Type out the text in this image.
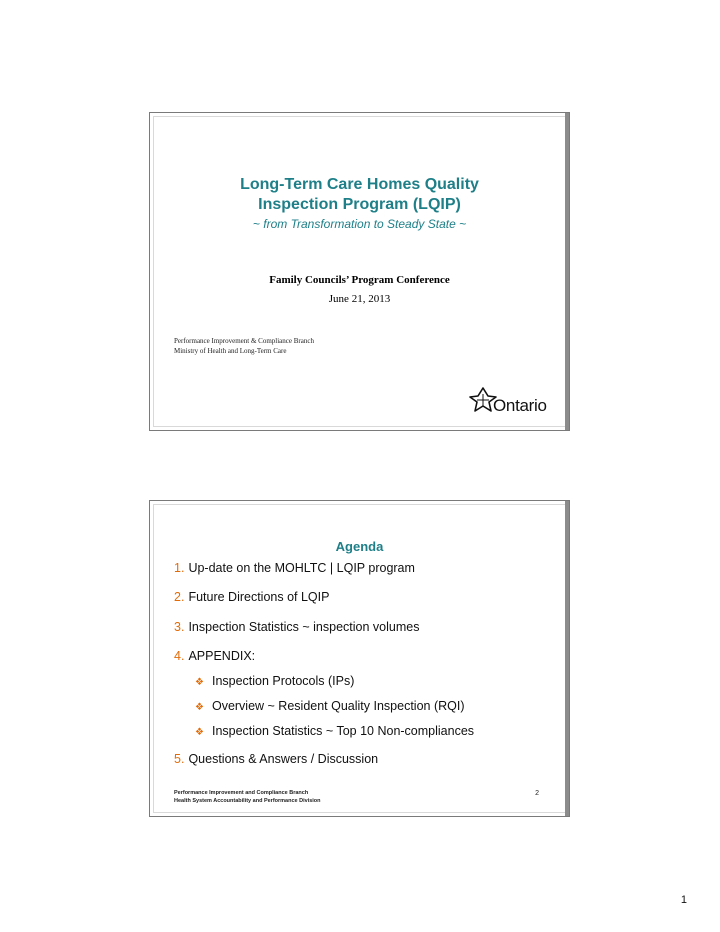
Long-Term Care Homes Quality
Inspection Program (LQIP)
~ from Transformation to Steady State ~
Family Councils’ Program Conference
June 21, 2013
Performance Improvement & Compliance Branch
Ministry of Health and Long-Term Care
Ontario
Agenda
1. Up-date on the MOHLTC | LQIP program
2. Future Directions of LQIP
3. Inspection Statistics ~ inspection volumes
4. APPENDIX:
❖ Inspection Protocols (IPs)
❖ Overview ~ Resident Quality Inspection (RQI)
❖ Inspection Statistics ~ Top 10 Non-compliances
5. Questions & Answers / Discussion
Performance Improvement and Compliance Branch
Health System Accountability and Performance Division
2
1
